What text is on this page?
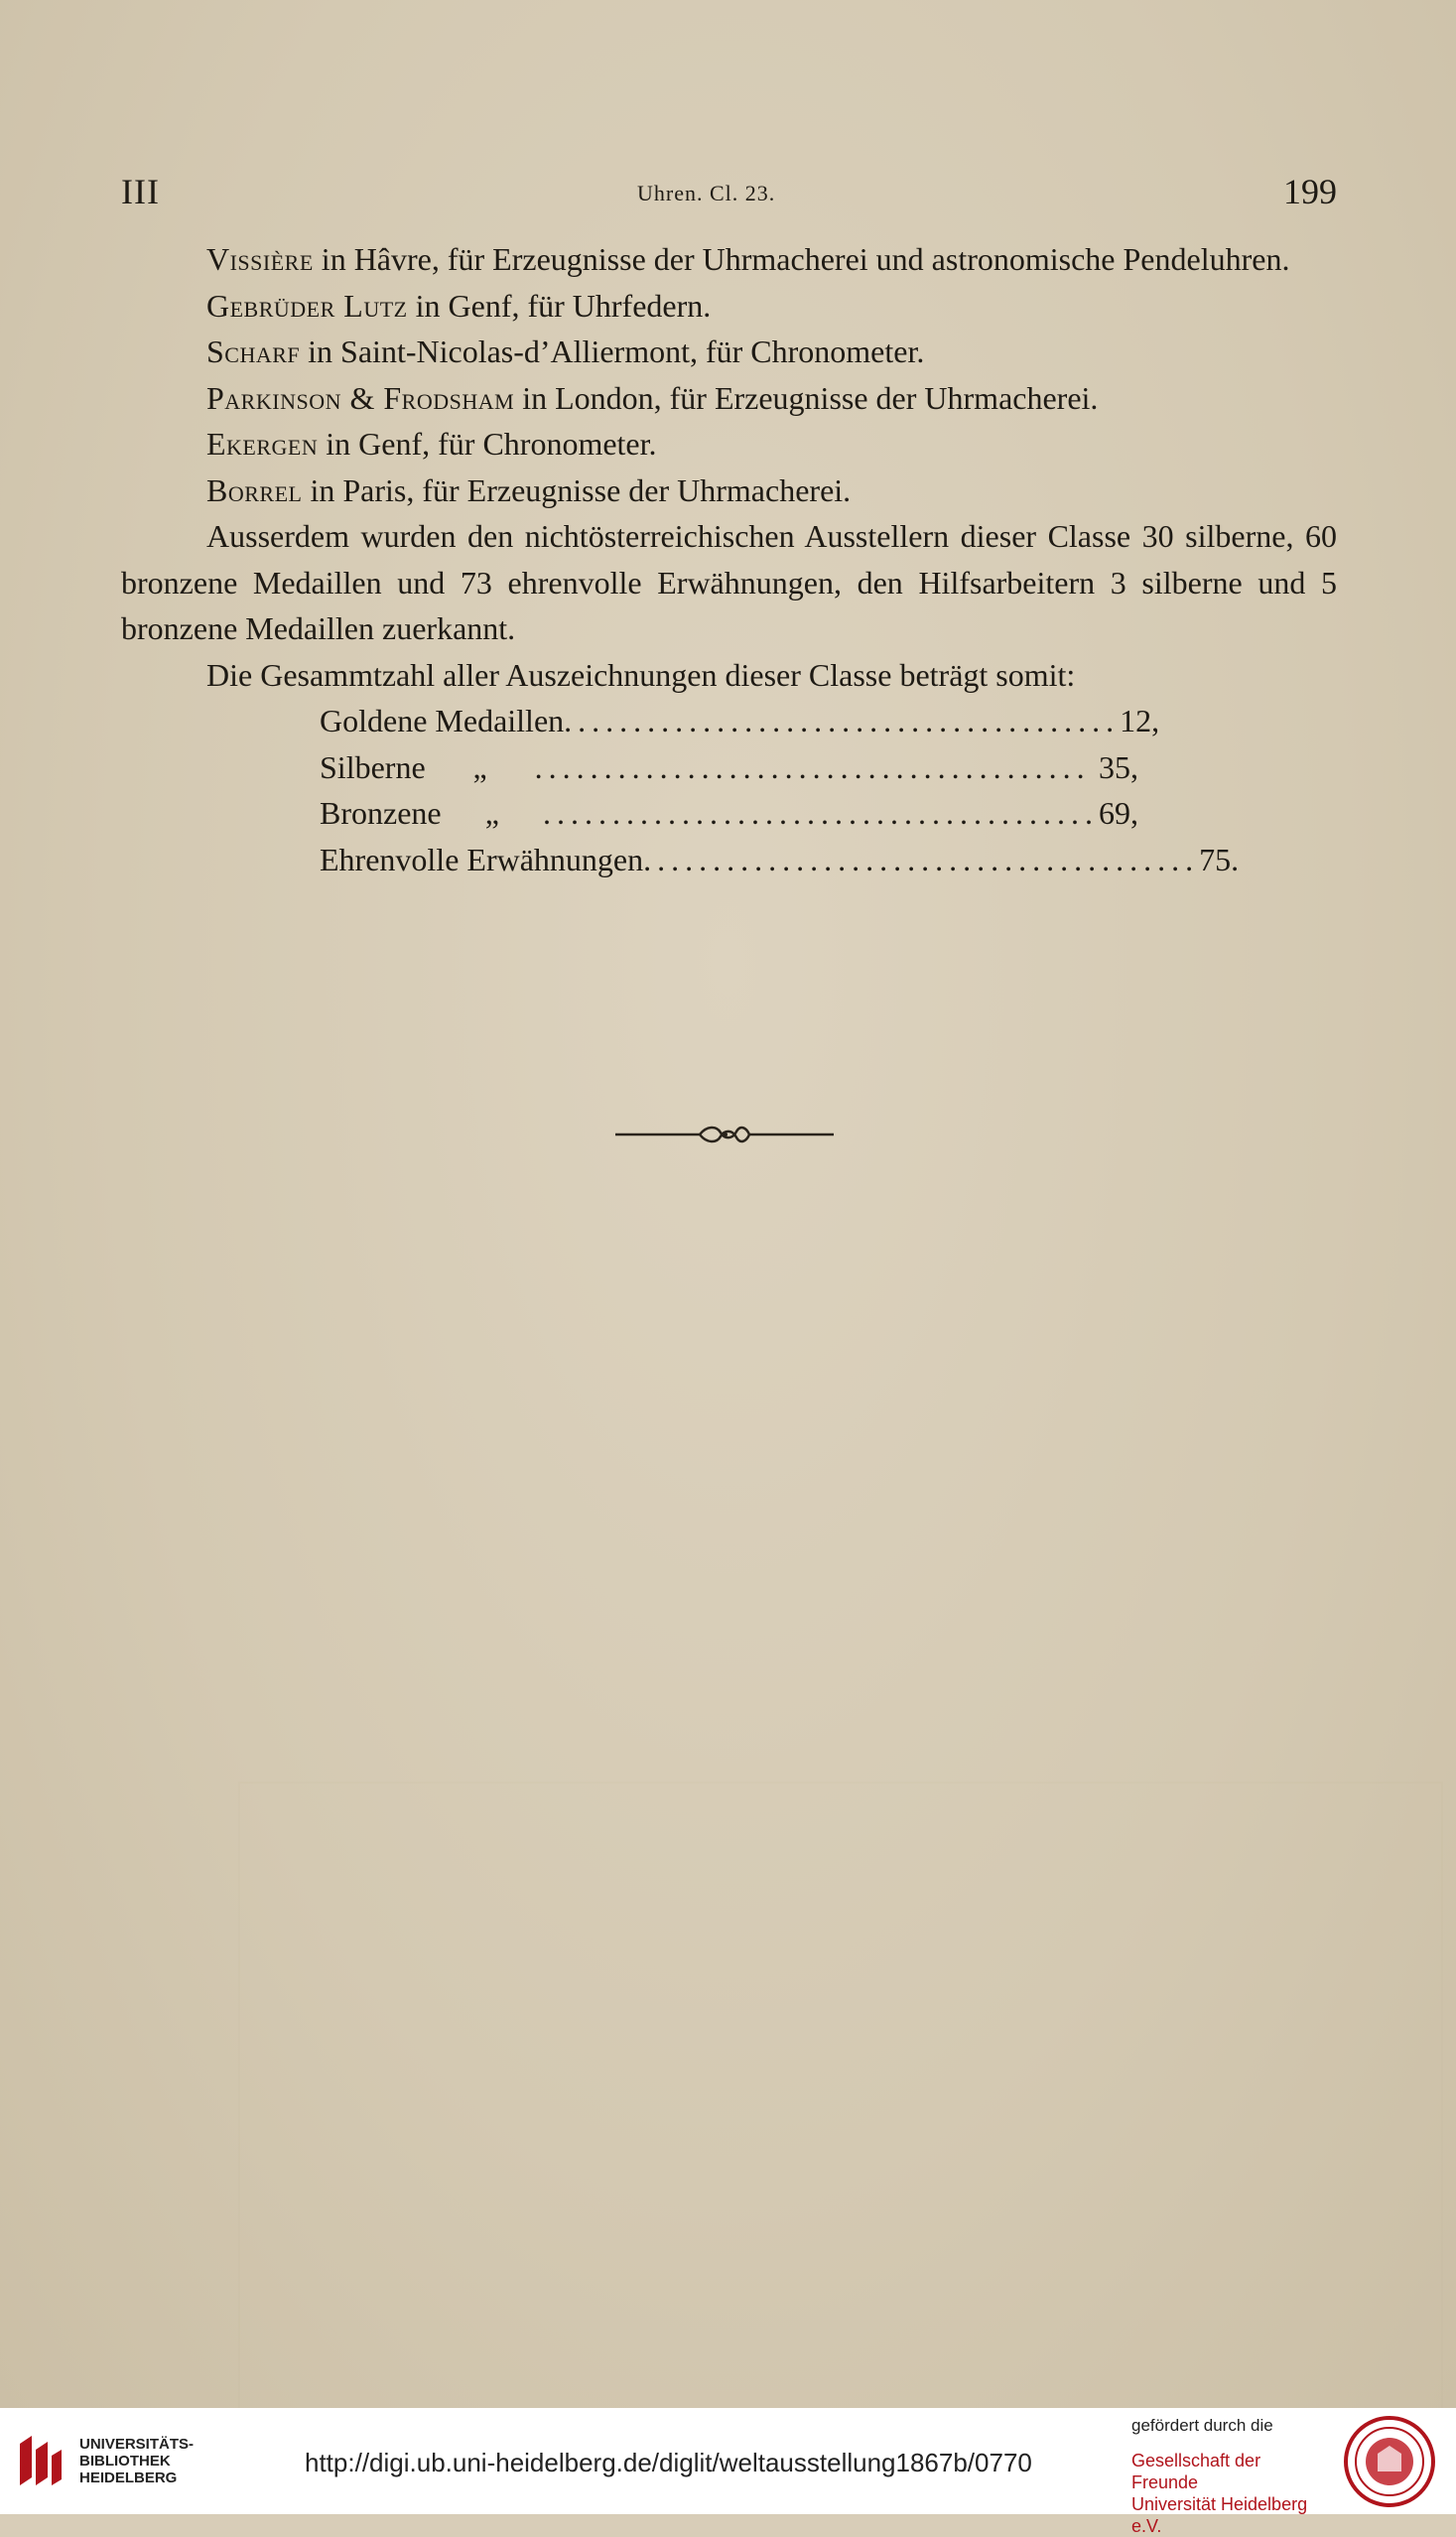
III	Uhren. Cl. 23.	199

Vissière in Hâvre, für Erzeugnisse der Uhrmacherei und astronomische Pendeluhren.

Gebrüder Lutz in Genf, für Uhrfedern.

Scharf in Saint-Nicolas-d’Alliermont, für Chronometer.

Parkinson & Frodsham in London, für Erzeugnisse der Uhrmacherei.

Ekergen in Genf, für Chronometer.

Borrel in Paris, für Erzeugnisse der Uhrmacherei.

Ausserdem wurden den nichtösterreichischen Ausstellern dieser Classe 30 silberne, 60 bronzene Medaillen und 73 ehrenvolle Erwähnungen, den Hilfsarbeitern 3 silberne und 5 bronzene Medaillen zuerkannt.

Die Gesammtzahl aller Auszeichnungen dieser Classe beträgt somit:

Goldene Medaillen ........................................ 12,
Silberne	„	........................................ 35,
Bronzene	„	........................................ 69,
Ehrenvolle Erwähnungen ........................................ 75.
UNIVERSITÄTS-
BIBLIOTHEK
HEIDELBERG
http://digi.ub.uni-heidelberg.de/diglit/weltausstellung1867b/0770
gefördert durch die
Gesellschaft der Freunde
Universität Heidelberg e.V.
